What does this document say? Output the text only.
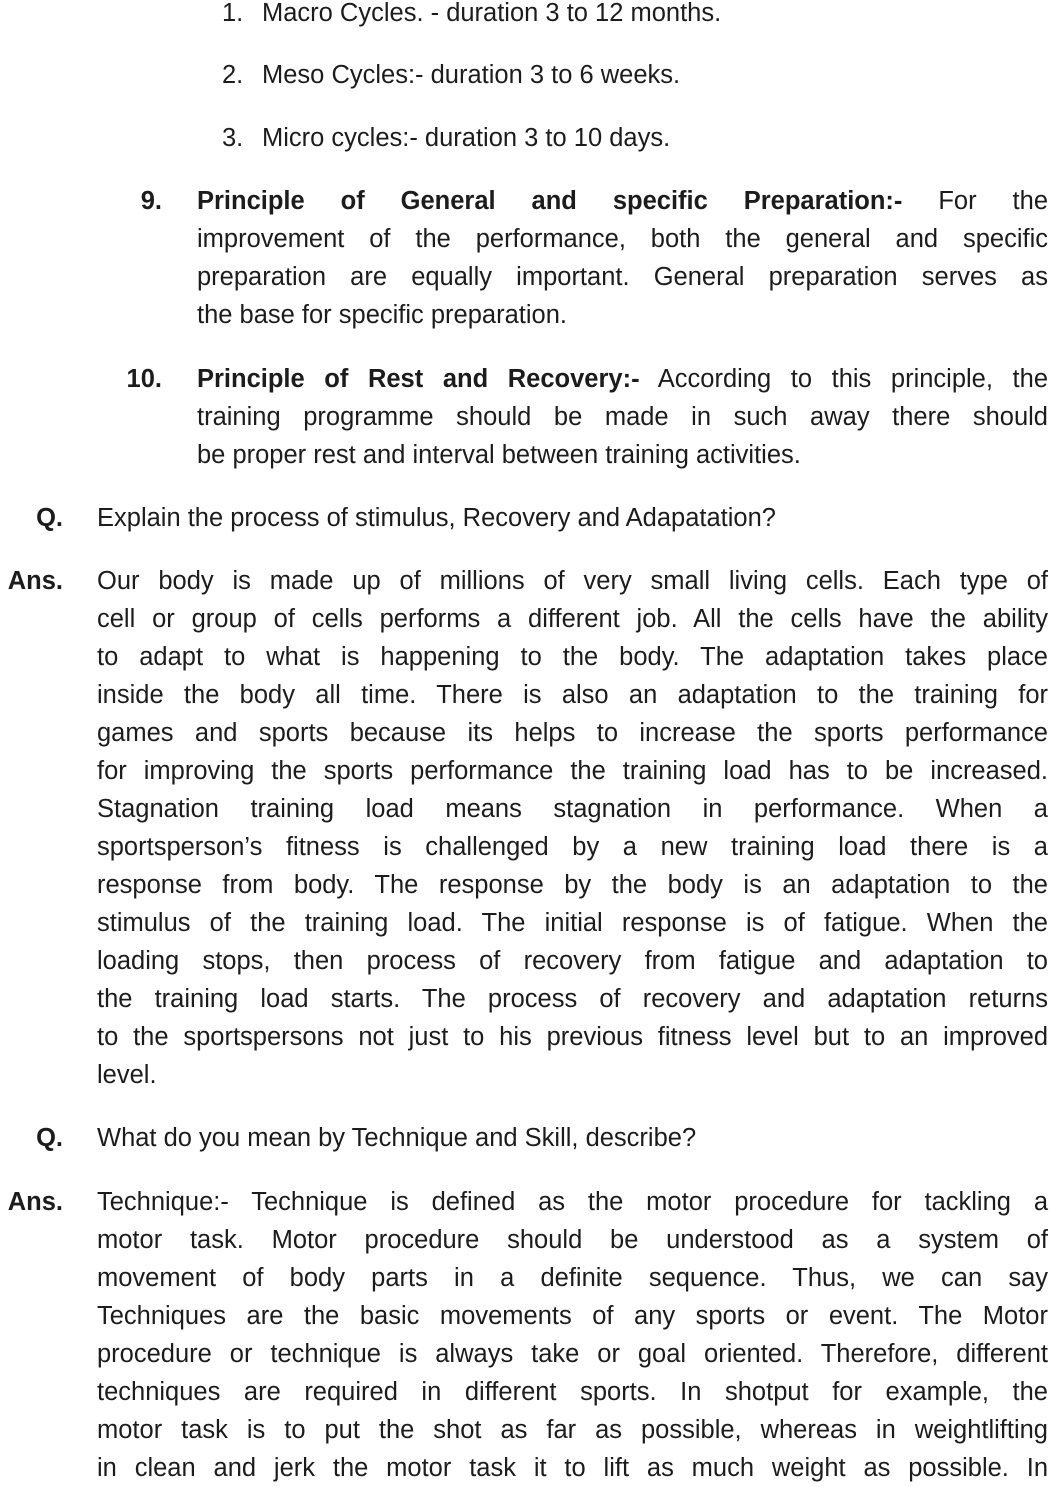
1. Macro Cycles. - duration 3 to 12 months.
2. Meso Cycles:- duration 3 to 6 weeks.
3. Micro cycles:- duration 3 to 10 days.
9. Principle of General and specific Preparation:- For the
improvement of the performance, both the general and specific
preparation are equally important. General preparation serves as
the base for specific preparation.
10. Principle of Rest and Recovery:- According to this principle, the
training programme should be made in such away there should
be proper rest and interval between training activities.
Q. Explain the process of stimulus, Recovery and Adapatation?
Ans. Our body is made up of millions of very small living cells. Each type of
cell or group of cells performs a different job. All the cells have the ability
to adapt to what is happening to the body. The adaptation takes place
inside the body all time. There is also an adaptation to the training for
games and sports because its helps to increase the sports performance
for improving the sports performance the training load has to be increased.
Stagnation training load means stagnation in performance. When a
sportsperson’s fitness is challenged by a new training load there is a
response from body. The response by the body is an adaptation to the
stimulus of the training load. The initial response is of fatigue. When the
loading stops, then process of recovery from fatigue and adaptation to
the training load starts. The process of recovery and adaptation returns
to the sportspersons not just to his previous fitness level but to an improved
level.
Q. What do you mean by Technique and Skill, describe?
Ans. Technique:- Technique is defined as the motor procedure for tackling a
motor task. Motor procedure should be understood as a system of
movement of body parts in a definite sequence. Thus, we can say
Techniques are the basic movements of any sports or event. The Motor
procedure or technique is always take or goal oriented. Therefore, different
techniques are required in different sports. In shotput for example, the
motor task is to put the shot as far as possible, whereas in weightlifting
in clean and jerk the motor task it to lift as much weight as possible. In
